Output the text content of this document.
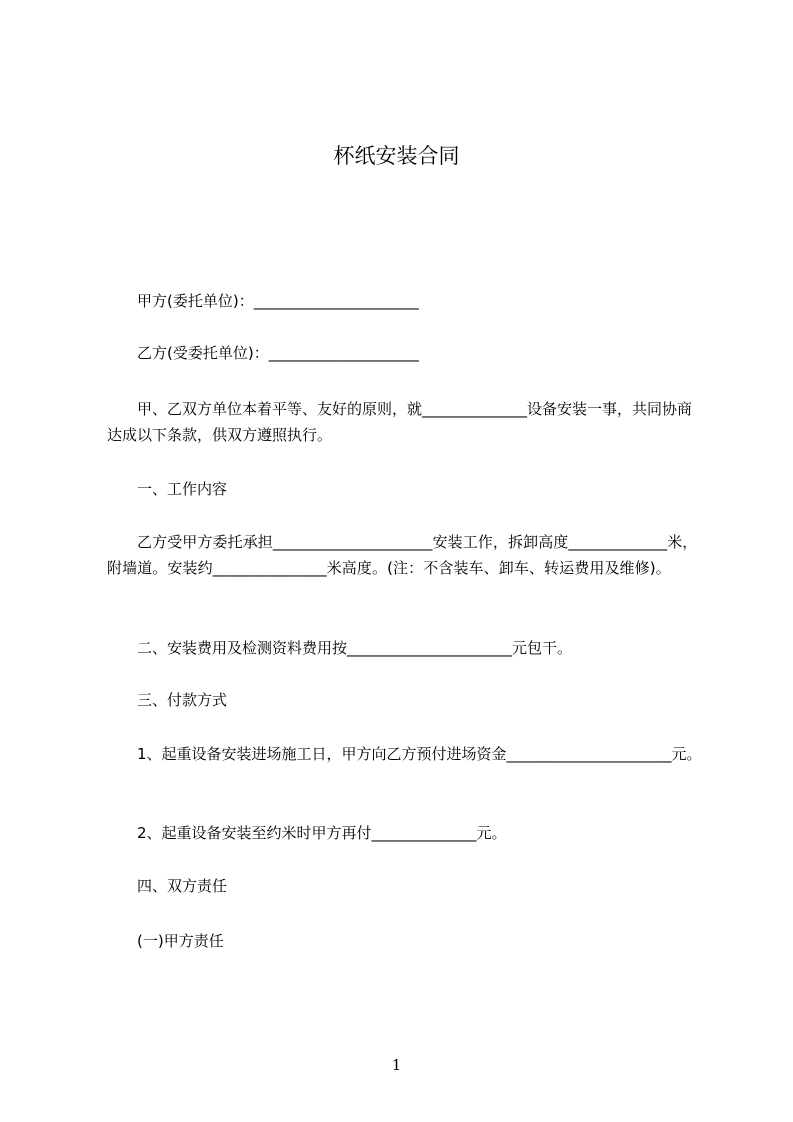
杯纸安装合同
甲方(委托单位)：______________________
乙方(受委托单位)：____________________
甲、乙双方单位本着平等、友好的原则，就______________设备安装一事，共同协商达成以下条款，供双方遵照执行。
一、工作内容
乙方受甲方委托承担_____________________安装工作，拆卸高度_____________米，附墙道。安装约_______________米高度。(注：不含装车、卸车、转运费用及维修)。
二、安装费用及检测资料费用按______________________元包干。
三、付款方式
1、起重设备安装进场施工日，甲方向乙方预付进场资金______________________元。
2、起重设备安装至约米时甲方再付______________元。
四、双方责任
(一)甲方责任
1
